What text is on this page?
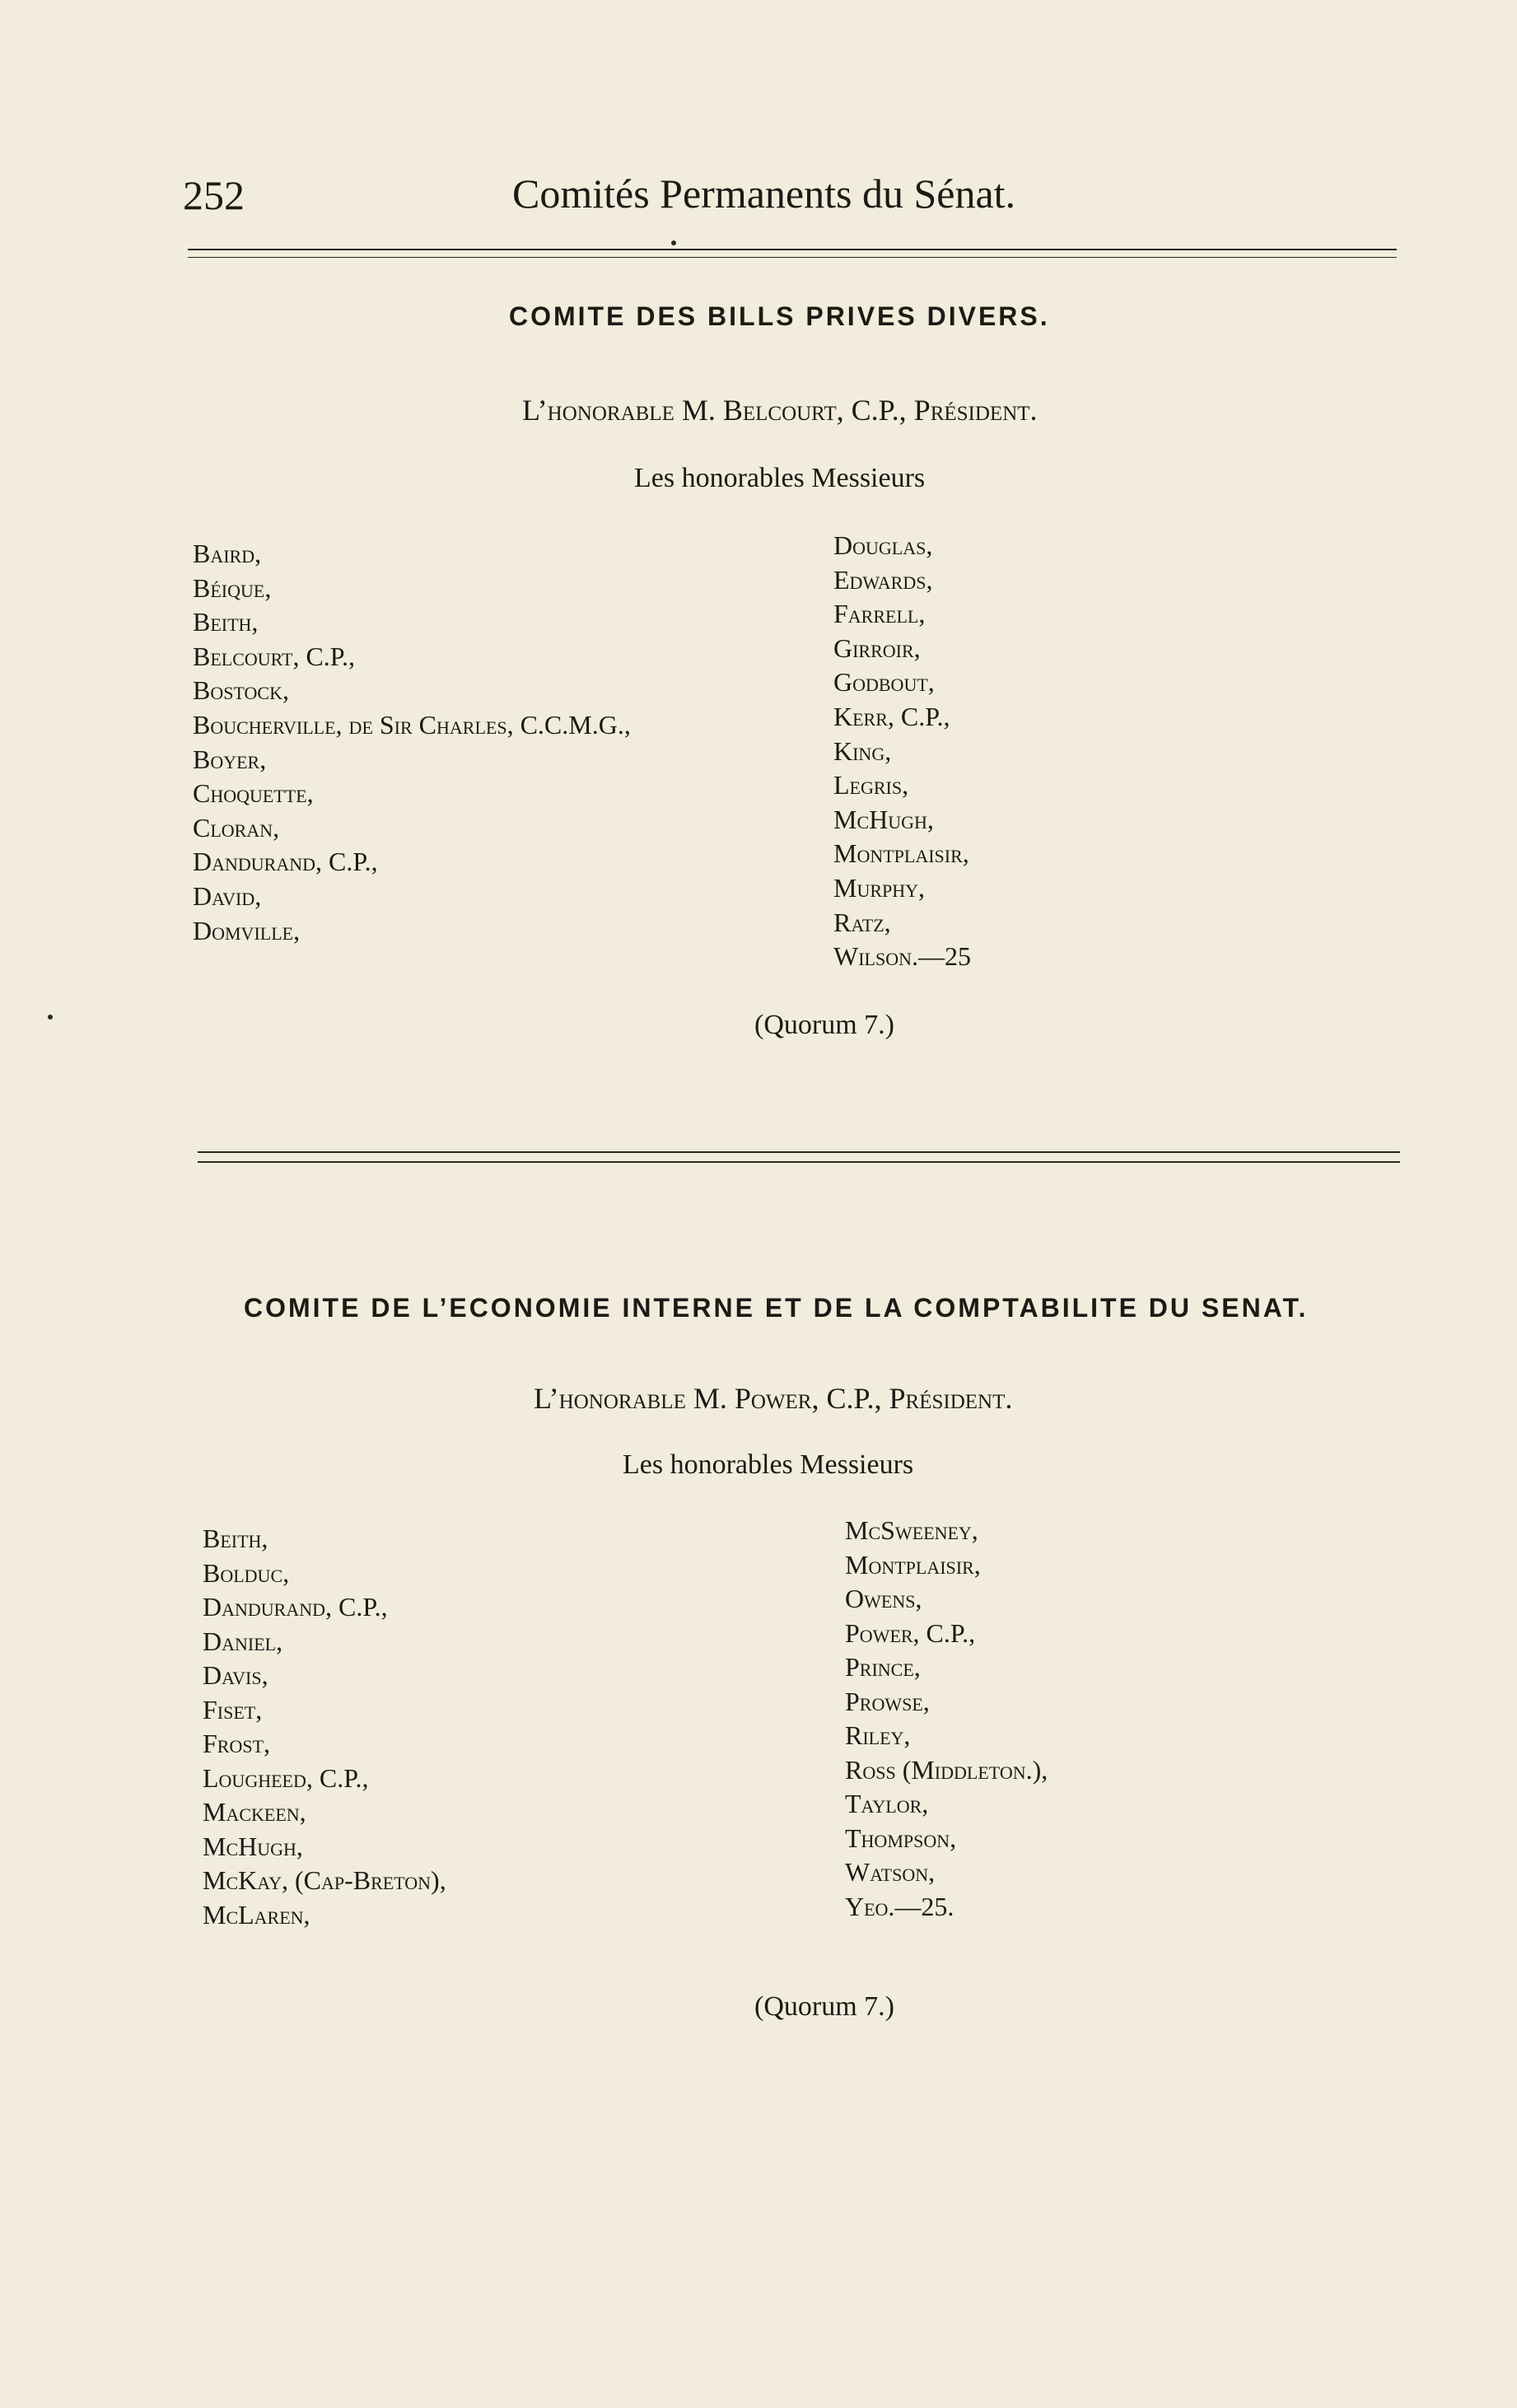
252	Comités Permanents du Sénat.
COMITE DES BILLS PRIVES DIVERS.
L’honorable M. Belcourt, C.P., Président.
Les honorables Messieurs
Baird,
Béique,
Beith,
Belcourt, C.P.,
Bostock,
Boucherville, de Sir Charles, C.C.M.G.,
Boyer,
Choquette,
Cloran,
Dandurand, C.P.,
David,
Domville,
Douglas,
Edwards,
Farrell,
Girroir,
Godbout,
Kerr, C.P.,
King,
Legris,
McHugh,
Montplaisir,
Murphy,
Ratz,
Wilson.—25
(Quorum 7.)
COMITE DE L’ECONOMIE INTERNE ET DE LA COMPTABILITE DU SENAT.
L’honorable M. Power, C.P., Président.
Les honorables Messieurs
Beith,
Bolduc,
Dandurand, C.P.,
Daniel,
Davis,
Fiset,
Frost,
Lougheed, C.P.,
Mackeen,
McHugh,
McKay, (Cap-Breton),
McLaren,
McSweeney,
Montplaisir,
Owens,
Power, C.P.,
Prince,
Prowse,
Riley,
Ross (Middleton.),
Taylor,
Thompson,
Watson,
Yeo.—25.
(Quorum 7.)
